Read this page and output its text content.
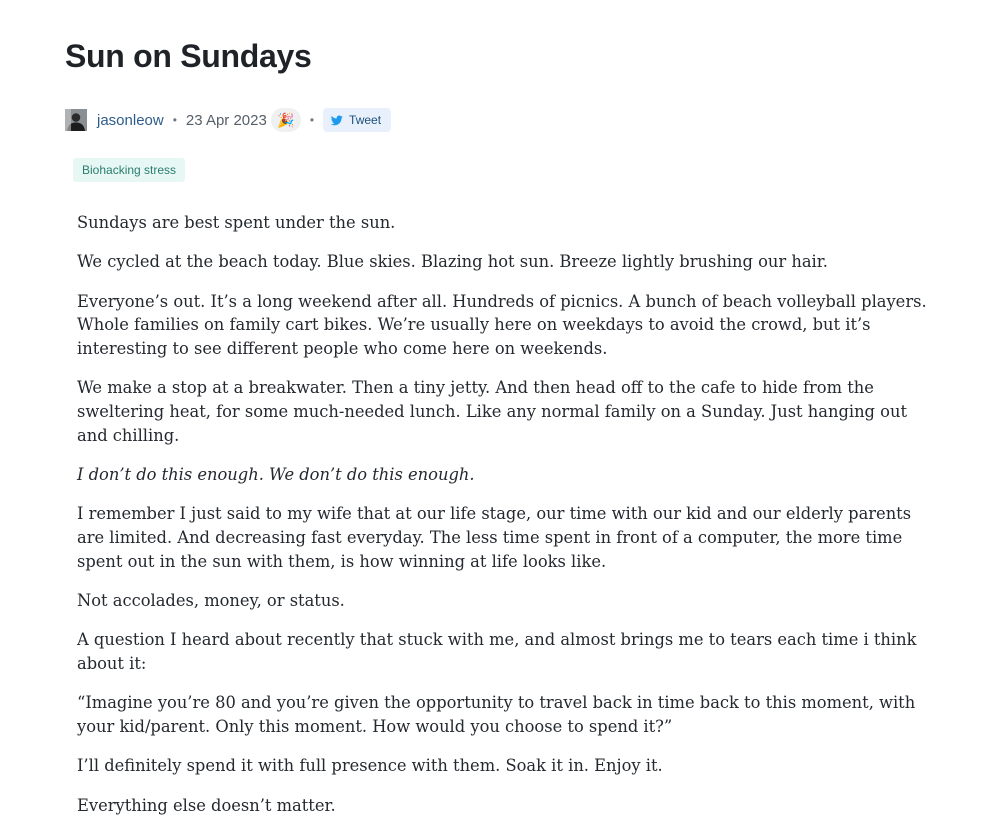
Sun on Sundays
jasonleow • 23 Apr 2023 🎉 •	Tweet
Biohacking stress

Sundays are best spent under the sun.

We cycled at the beach today. Blue skies. Blazing hot sun. Breeze lightly brushing our hair.

Everyone’s out. It’s a long weekend after all. Hundreds of picnics. A bunch of beach volleyball players. Whole families on family cart bikes. We’re usually here on weekdays to avoid the crowd, but it’s interesting to see different people who come here on weekends.

We make a stop at a breakwater. Then a tiny jetty. And then head off to the cafe to hide from the sweltering heat, for some much-needed lunch. Like any normal family on a Sunday. Just hanging out and chilling.

I don’t do this enough. We don’t do this enough.

I remember I just said to my wife that at our life stage, our time with our kid and our elderly parents are limited. And decreasing fast everyday. The less time spent in front of a computer, the more time spent out in the sun with them, is how winning at life looks like.

Not accolades, money, or status.

A question I heard about recently that stuck with me, and almost brings me to tears each time i think about it:

“Imagine you’re 80 and you’re given the opportunity to travel back in time back to this moment, with your kid/parent. Only this moment. How would you choose to spend it?”

I’ll definitely spend it with full presence with them. Soak it in. Enjoy it.

Everything else doesn’t matter.
